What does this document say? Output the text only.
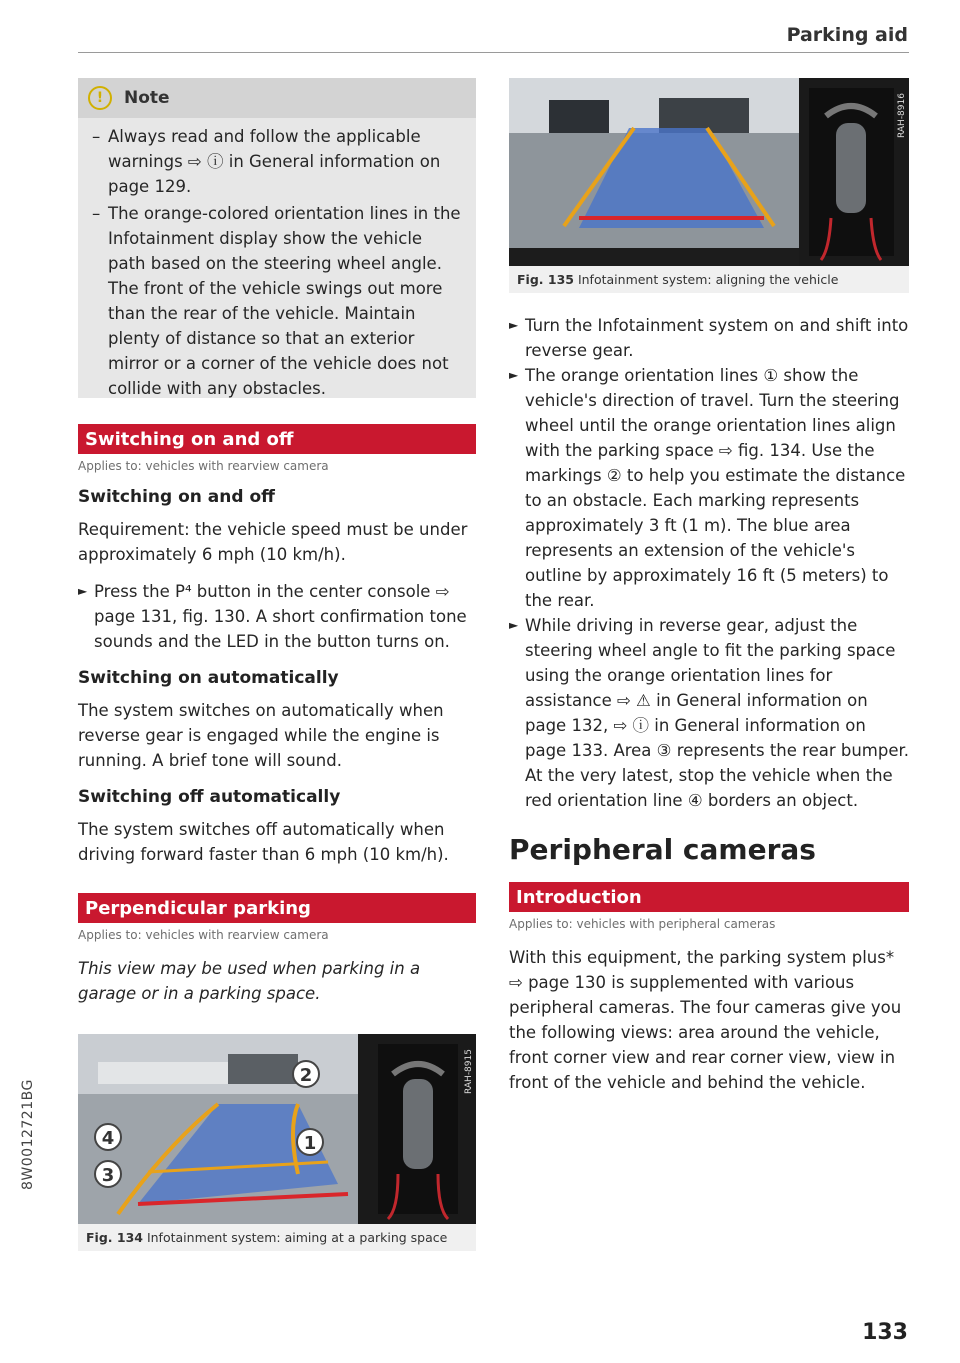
Parking aid
8W0012721BG
!	Note
– Always read and follow the applicable warnings ⇨ ⓘ in General information on page 129.
– The orange-colored orientation lines in the Infotainment display show the vehicle path based on the steering wheel angle. The front of the vehicle swings out more than the rear of the vehicle. Maintain plenty of distance so that an exterior mirror or a corner of the vehicle does not collide with any obstacles.
Switching on and off
Applies to: vehicles with rearview camera
Switching on and off

Requirement: the vehicle speed must be under approximately 6 mph (10 km/h).

► Press the P⁴ button in the center console ⇨ page 131, fig. 130. A short confirmation tone sounds and the LED in the button turns on.

Switching on automatically

The system switches on automatically when reverse gear is engaged while the engine is running. A brief tone will sound.

Switching off automatically

The system switches off automatically when driving forward faster than 6 mph (10 km/h).

Perpendicular parking
Applies to: vehicles with rearview camera

This view may be used when parking in a garage or in a parking space.

2
1
4
3
RAH-8915
Fig. 134 Infotainment system: aiming at a parking space
RAH-8916
Fig. 135 Infotainment system: aligning the vehicle
► Turn the Infotainment system on and shift into reverse gear.

► The orange orientation lines ① show the vehicle's direction of travel. Turn the steering wheel until the orange orientation lines align with the parking space ⇨ fig. 134. Use the markings ② to help you estimate the distance to an obstacle. Each marking represents approximately 3 ft (1 m). The blue area represents an extension of the vehicle's outline by approximately 16 ft (5 meters) to the rear.

► While driving in reverse gear, adjust the steering wheel angle to fit the parking space using the orange orientation lines for assistance ⇨ ⚠ in General information on page 132, ⇨ ⓘ in General information on page 133. Area ③ represents the rear bumper. At the very latest, stop the vehicle when the red orientation line ④ borders an object.

Peripheral cameras
Introduction
Applies to: vehicles with peripheral cameras

With this equipment, the parking system plus* ⇨ page 130 is supplemented with various peripheral cameras. The four cameras give you the following views: area around the vehicle, front corner view and rear corner view, view in front of the vehicle and behind the vehicle.

133
